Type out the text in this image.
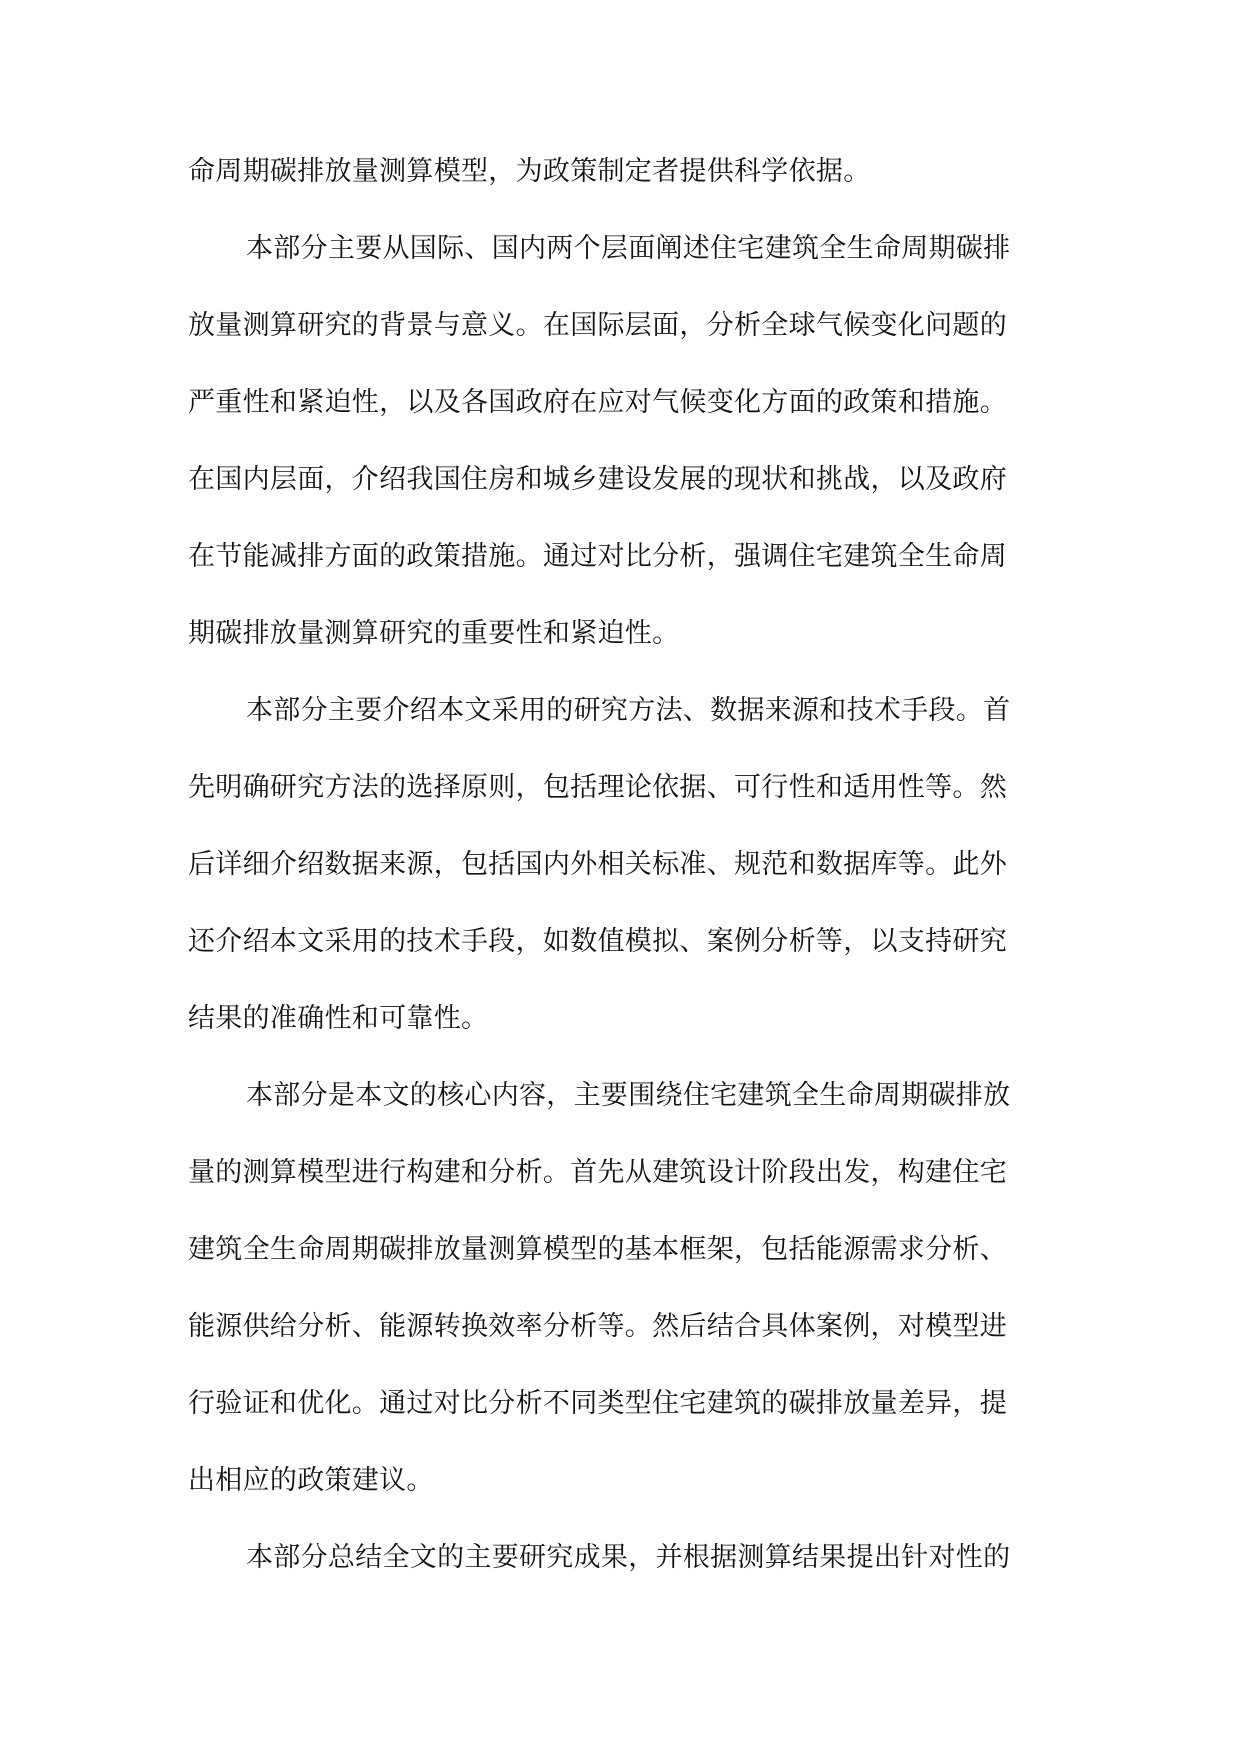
命周期碳排放量测算模型，为政策制定者提供科学依据。

本部分主要从国际、国内两个层面阐述住宅建筑全生命周期碳排
放量测算研究的背景与意义。在国际层面，分析全球气候变化问题的
严重性和紧迫性，以及各国政府在应对气候变化方面的政策和措施。
在国内层面，介绍我国住房和城乡建设发展的现状和挑战，以及政府
在节能减排方面的政策措施。通过对比分析，强调住宅建筑全生命周
期碳排放量测算研究的重要性和紧迫性。

本部分主要介绍本文采用的研究方法、数据来源和技术手段。首
先明确研究方法的选择原则，包括理论依据、可行性和适用性等。然
后详细介绍数据来源，包括国内外相关标准、规范和数据库等。此外
还介绍本文采用的技术手段，如数值模拟、案例分析等，以支持研究
结果的准确性和可靠性。

本部分是本文的核心内容，主要围绕住宅建筑全生命周期碳排放
量的测算模型进行构建和分析。首先从建筑设计阶段出发，构建住宅
建筑全生命周期碳排放量测算模型的基本框架，包括能源需求分析、
能源供给分析、能源转换效率分析等。然后结合具体案例，对模型进
行验证和优化。通过对比分析不同类型住宅建筑的碳排放量差异，提
出相应的政策建议。

本部分总结全文的主要研究成果，并根据测算结果提出针对性的
